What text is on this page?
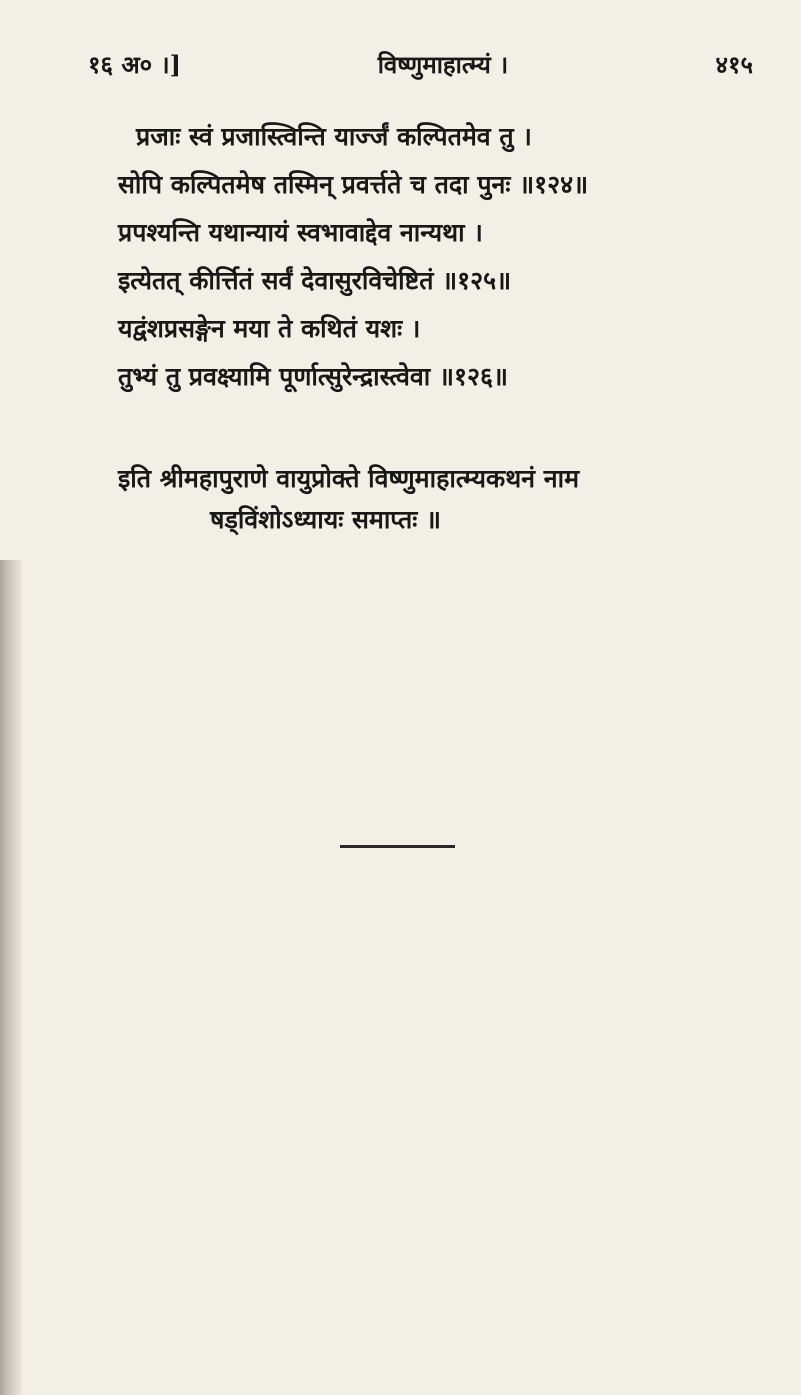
१६ अ० ।]	विष्णुमाहात्म्यं ।	४१५
प्रजाः स्वं प्रजास्त्विन्ति यार्ज्जं कल्पितमेव तु ।
सोपि कल्पितमेष तस्मिन् प्रवर्त्तते च तदा पुनः ॥१२४॥
प्रपश्यन्ति यथान्यायं स्वभावाद्देव नान्यथा ।
इत्येतत् कीर्त्तितं सर्वं देवासुरविचेष्टितं ॥१२५॥
यद्वंशप्रसङ्गेन मया ते कथितं यशः ।
तुभ्यं तु प्रवक्ष्यामि पूर्णात्सुरेन्द्रास्त्वेवा ॥१२६॥
इति श्रीमहापुराणे वायुप्रोक्ते विष्णुमाहात्म्यकथनं नाम
षड्विंशोऽध्यायः समाप्तः ॥
